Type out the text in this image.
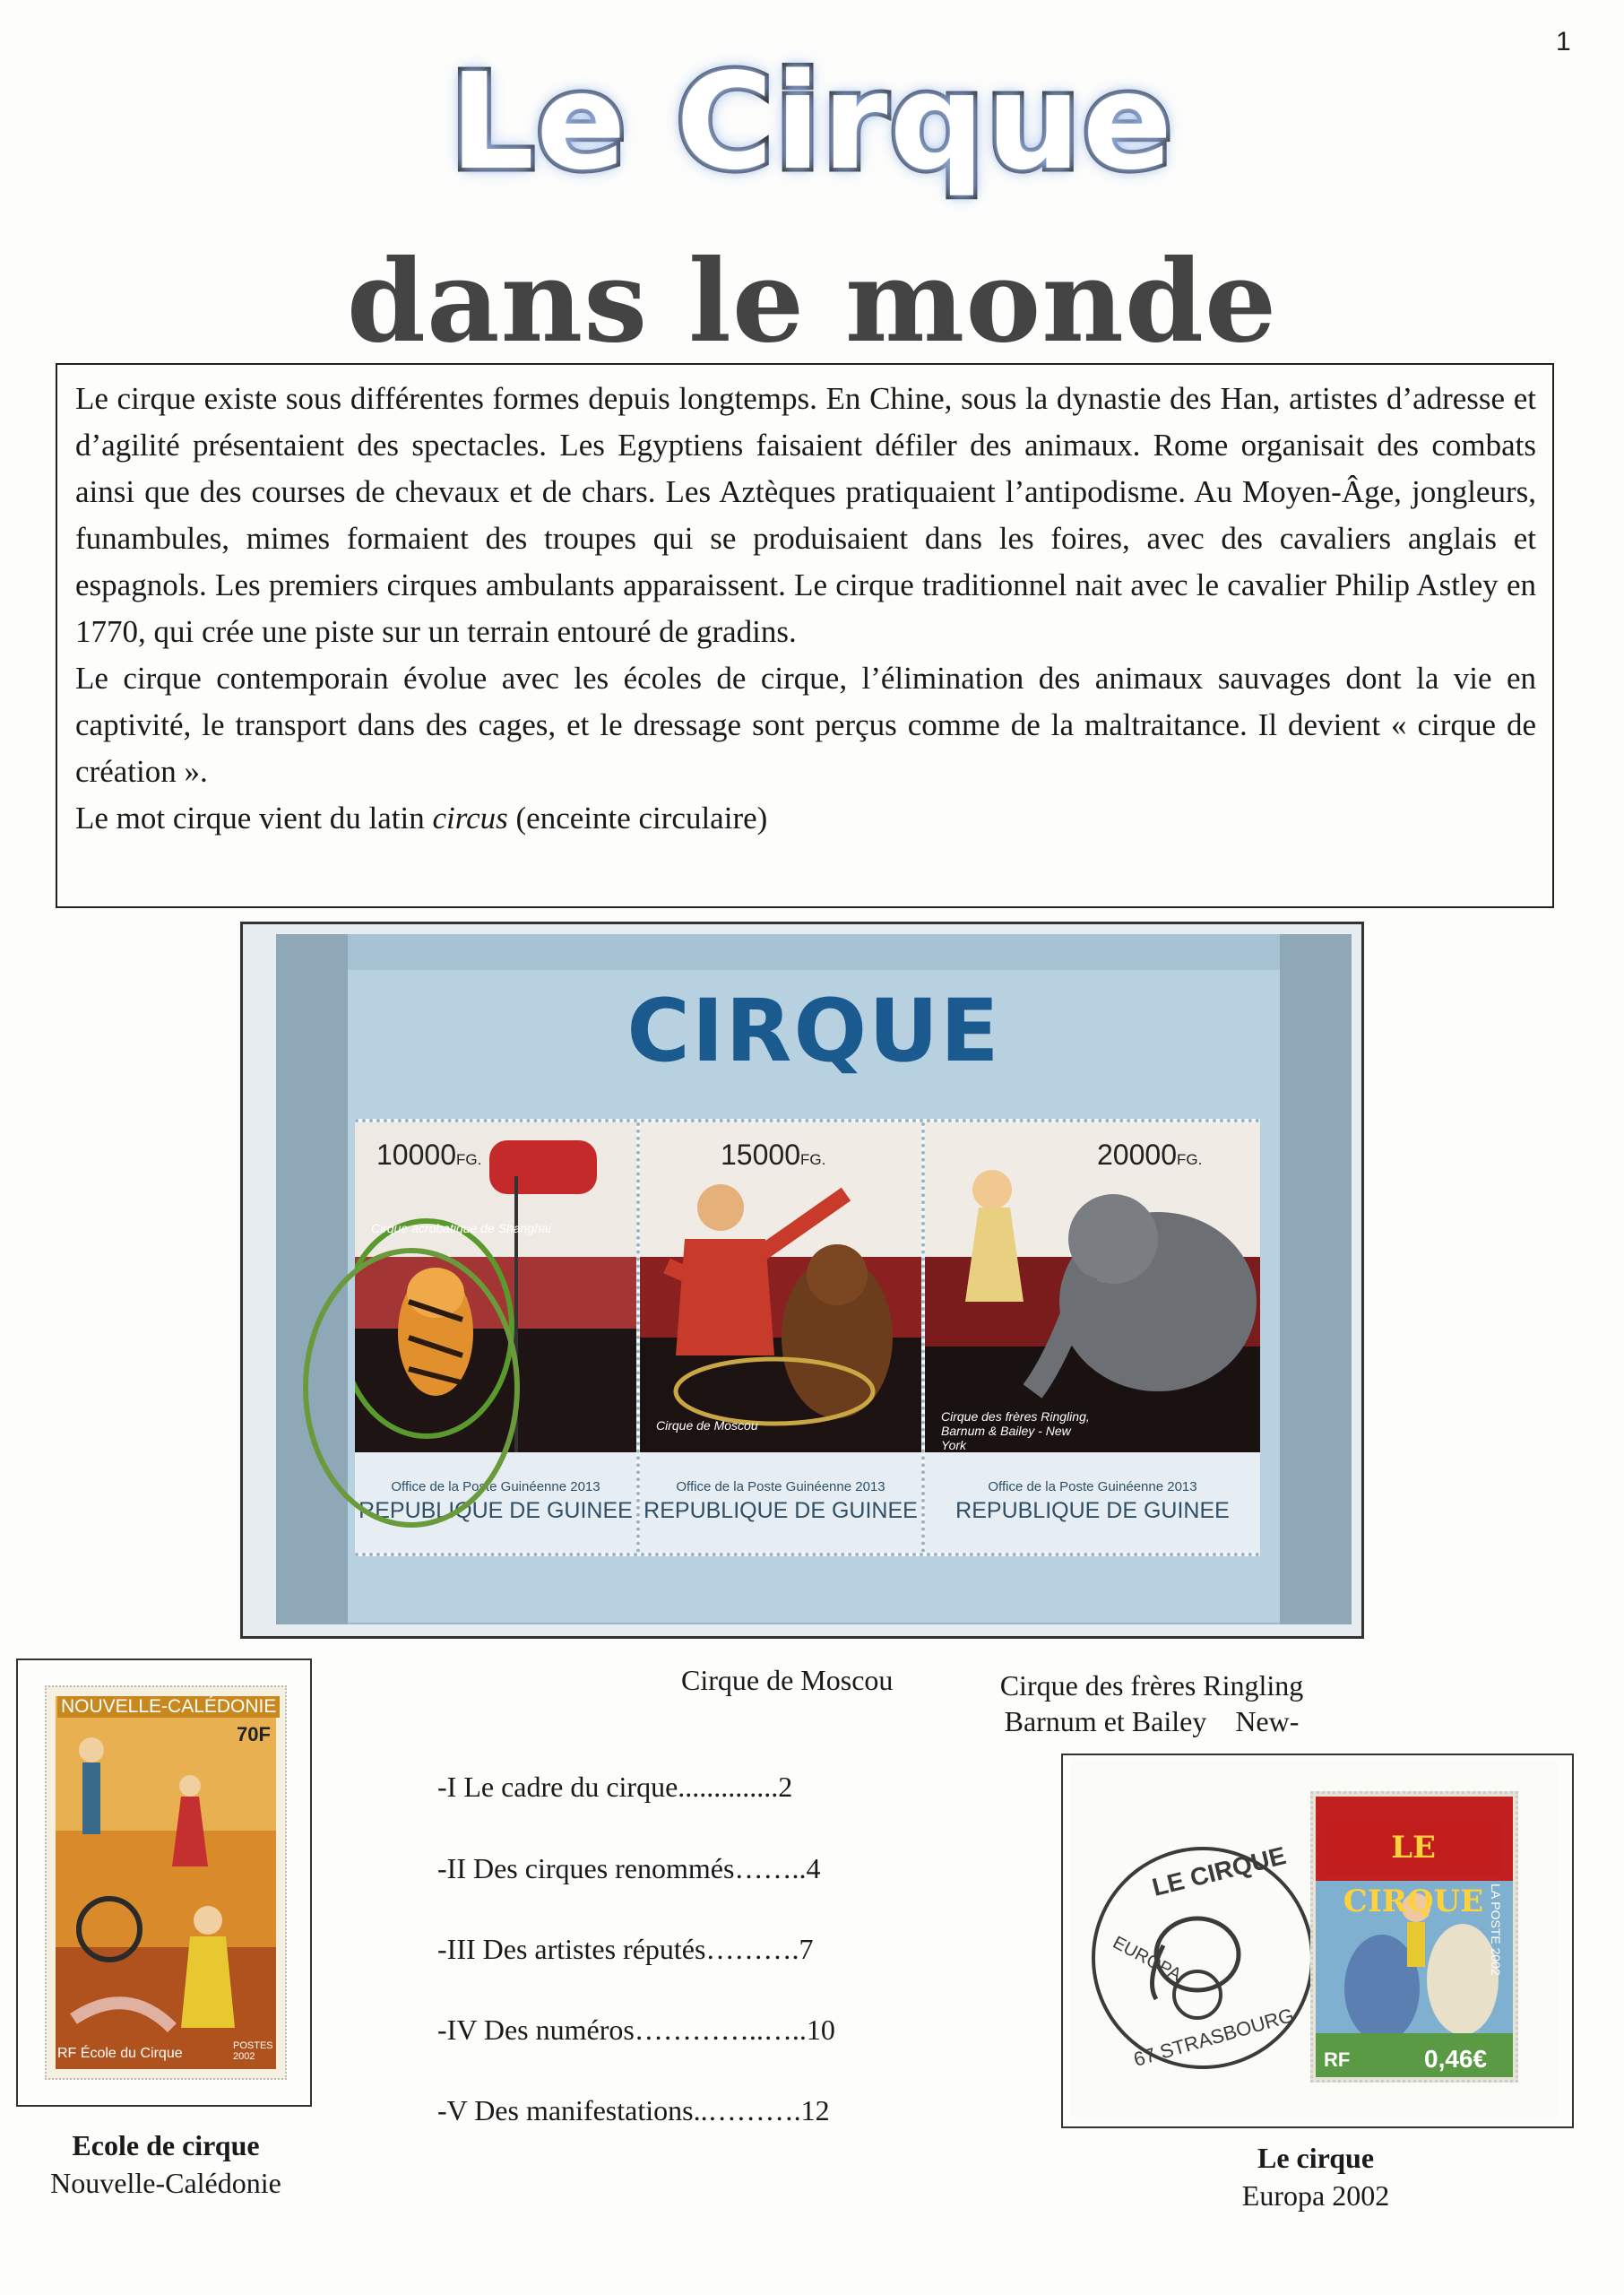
1
Le Cirque
dans le monde

Le cirque existe sous différentes formes depuis longtemps. En Chine, sous la dynastie des Han, artistes d’adresse et d’agilité présentaient des spectacles. Les Egyptiens faisaient défiler des animaux. Rome organisait des combats ainsi que des courses de chevaux et de chars. Les Aztèques pratiquaient l’antipodisme. Au Moyen-Âge, jongleurs, funambules, mimes formaient des troupes qui se produisaient dans les foires, avec des cavaliers anglais et espagnols. Les premiers cirques ambulants apparaissent. Le cirque traditionnel nait avec le cavalier Philip Astley en 1770, qui crée une piste sur un terrain entouré de gradins.

Le cirque contemporain évolue avec les écoles de cirque, l’élimination des animaux sauvages dont la vie en captivité, le transport dans des cages, et le dressage sont perçus comme de la maltraitance. Il devient « cirque de création ».

Le mot cirque vient du latin circus (enceinte circulaire)

CIRQUE
10000FG.
Cirque acrobatique de Shanghai
Office de la Poste Guinéenne 2013
REPUBLIQUE DE GUINEE
15000FG.
Cirque de Moscou
Office de la Poste Guinéenne 2013
REPUBLIQUE DE GUINEE
20000FG.
Cirque des frères Ringling, Barnum & Bailey - New York
Office de la Poste Guinéenne 2013
REPUBLIQUE DE GUINEE
Cirque de Moscou	Cirque des frères Ringling
Barnum et Bailey    New-
NOUVELLE-CALÉDONIE
70F
RF École du Cirque	POSTES 2002
Ecole de cirque
Nouvelle-Calédonie
-I Le cadre du cirque..............2
-II Des cirques renommés……..4
-III Des artistes réputés……….7
-IV Des numéros…………..…..10
-V Des manifestations..……….12
LE CIRQUE
EUROPA
67 STRASBOURG
LE CIRQUE LA POSTE 2002
RF	0,46€
Le cirque
Europa 2002
